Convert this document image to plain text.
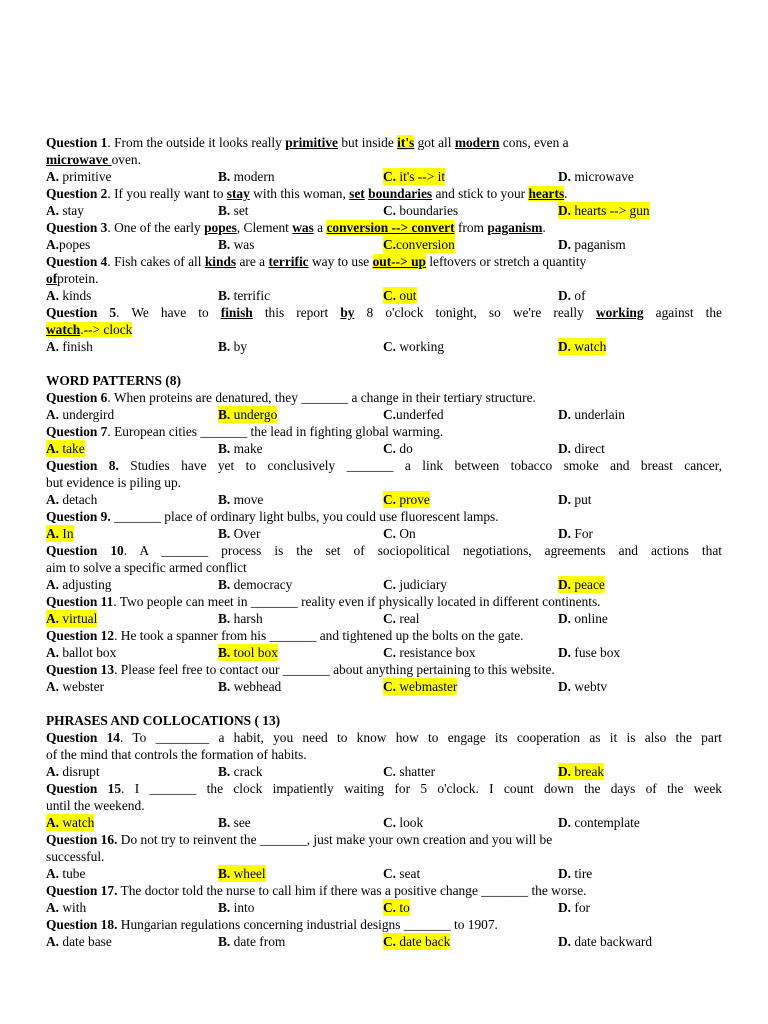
Question 1. From the outside it looks really primitive but inside it's got all modern cons, even a
microwave oven.
A. primitive	B. modern	C. it's --> it	D. microwave
Question 2. If you really want to stay with this woman, set boundaries and stick to your hearts.
A. stay	B. set	C. boundaries	D. hearts --> gun
Question 3. One of the early popes, Clement was a conversion --> convert from paganism.
A.popes	B. was	C.conversion	D. paganism
Question 4. Fish cakes of all kinds are a terrific way to use out--> up leftovers or stretch a quantity
ofprotein.
A. kinds	B. terrific	C. out	D. of
Question 5. We have to finish this report by 8 o'clock tonight, so we're really working against the
watch.--> clock
A. finish	B. by	C. working	D. watch
WORD PATTERNS (8)
Question 6. When proteins are denatured, they _______ a change in their tertiary structure.
A. undergird	B. undergo	C.underfed	D. underlain
Question 7. European cities _______ the lead in fighting global warming.
A. take	B. make	C. do	D. direct
Question 8. Studies have yet to conclusively _______ a link between tobacco smoke and breast cancer,
but evidence is piling up.
A. detach	B. move	C. prove	D. put
Question 9. _______ place of ordinary light bulbs, you could use fluorescent lamps.
A. In	B. Over	C. On	D. For
Question 10. A _______ process is the set of sociopolitical negotiations, agreements and actions that
aim to solve a specific armed conflict
A. adjusting	B. democracy	C. judiciary	D. peace
Question 11. Two people can meet in _______ reality even if physically located in different continents.
A. virtual	B. harsh	C. real	D. online
Question 12. He took a spanner from his _______ and tightened up the bolts on the gate.
A. ballot box	B. tool box	C. resistance box	D. fuse box
Question 13. Please feel free to contact our _______ about anything pertaining to this website.
A. webster	B. webhead	C. webmaster	D. webtv
PHRASES AND COLLOCATIONS ( 13)
Question 14. To ________ a habit, you need to know how to engage its cooperation as it is also the part
of the mind that controls the formation of habits.
A. disrupt	B. crack	C. shatter	D. break
Question 15. I _______ the clock impatiently waiting for 5 o'clock. I count down the days of the week
until the weekend.
A. watch	B. see	C. look	D. contemplate
Question 16. Do not try to reinvent the _______, just make your own creation and you will be
successful.
A. tube	B. wheel	C. seat	D. tire
Question 17. The doctor told the nurse to call him if there was a positive change _______ the worse.
A. with	B. into	C. to	D. for
Question 18. Hungarian regulations concerning industrial designs _______ to 1907.
A. date base	B. date from	C. date back	D. date backward
